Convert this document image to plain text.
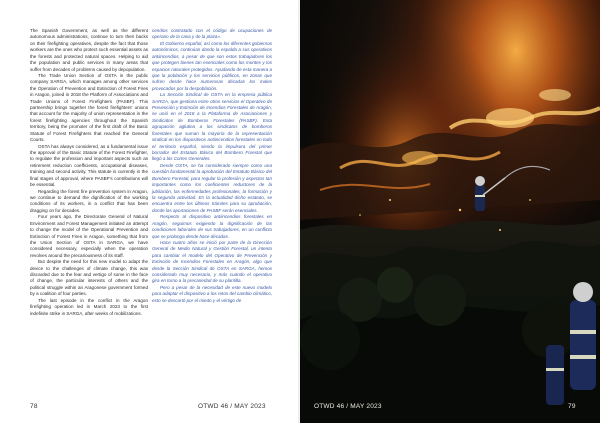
The Spanish Government, as well as the different autonomous administrations, continue to turn their backs on their firefighting operatives, despite the fact that those workers are the ones who protect such essential assets as the forests and protected natural spaces. Helping to aid the population and public services in many areas that suffer from decades of problems caused by depopulation.

The Trade Union Section of OSTA in the public company SARGA, which manages among other services the Operation of Prevention and Extinction of Forest Fires in Aragon, joined in 2018 the Platform of Associations and Trade Unions of Forest Firefighters (PASBF). This partnership brings together the forest firefighters' unions that account for the majority of union representation in the forest firefighting agencies throughout the Spanish territory, being the promoter of the first draft of the Basic Statute of Forest Firefighters that reached the General Courts.

OSTA has always considered, as a fundamental issue the approval of the Basic Statute of the Forest Firefighter, to regulate the profession and important aspects such as retirement reduction coefficients, occupational diseases, training and second activity. This statute is currently in the final stages of approval, where PASBF's contributions will be essential.

Regarding the forest fire prevention system in Aragon, we continue to demand the dignification of the working conditions of its workers, in a conflict that has been dragging on for decades.

Four years ago, the Directorate General of Natural Environment and Forest Management initiated an attempt to change the model of the Operational Prevention and Extinction of Forest Fires in Aragon, something that from the Union Section of OSTA in SARGA, we have considered necessary, especially when the operation revolves around the precariousness of its staff.

But despite the need for this new model to adapt the device to the challenges of climate change, this was discarded due to the fear and vertigo of some in the face of change, the particular interests of others and the political struggle within an Aragonese government formed by a coalition of four parties.

The last episode in the conflict in the Aragon firefighting operation led in March 2023 to the first indefinite strike in SARGA, after weeks of mobilizations.

cendios contratado con el código de ocupaciones de operario de la casa y de la plaza».

El Gobierno español, así como los diferentes gobiernos autonómicos, continúan dando la espalda a sus operativos antiincendios, a pesar de que son estos trabajadores los que protegen bienes tan esenciales como los montes y los espacios naturales protegidos. Ayudando de esta manera a que la población y los servicios públicos, en zonas que sufren desde hace numerosas décadas los males provocados por la despoblación.

La Sección Sindical de OSTA en la empresa pública SARGA, que gestiona entre otros servicios el Operativo de Prevención y Extinción de Incendios Forestales de Aragón, se unió en el 2018 a la Plataforma de Asociaciones y Sindicatos de Bomberos Forestales (PASBF). Esta agrupación aglutina a los sindicatos de bomberos forestales que suman la mayoría de la representación sindical en los dispositivos antiincendios forestales en todo el territorio español, siendo la impulsora del primer borrador del Estatuto Básico del Bombero Forestal que llegó a las Cortes Generales.

Desde OSTA, se ha considerado siempre como una cuestión fundamental la aprobación del Estatuto Básico del Bombero Forestal, para regular la profesión y aspectos tan importantes como los coeficientes reductores de la jubilación, las enfermedades profesionales, la formación y la segunda actividad. En la actualidad dicho estatuto, se encuentra entre los últimos trámites para su aprobación, donde las aportaciones de PASBF serán esenciales.

Respecto al dispositivo antiincendios forestales en Aragón, seguimos exigiendo la dignificación de las condiciones laborales de sus trabajadores, en un conflicto que se prolonga desde hace décadas.

Hace cuatro años se inició por parte de la Dirección General de Medio Natural y Gestión Forestal, un intento para cambiar el modelo del Operativo de Prevención y Extinción de Incendios Forestales en Aragón, algo que desde la Sección Sindical de OSTA en SARGA, hemos considerado muy necesario, y más cuando el operativo gira en torno a la precariedad de su plantilla.

Pero a pesar de la necesidad de este nuevo modelo para adaptar el dispositivo a los retos del cambio climático, esto se descartó por el miedo y el vértigo de

78	OTWD 46 / MAY 2023	OTWD 46 / MAY 2023	79
